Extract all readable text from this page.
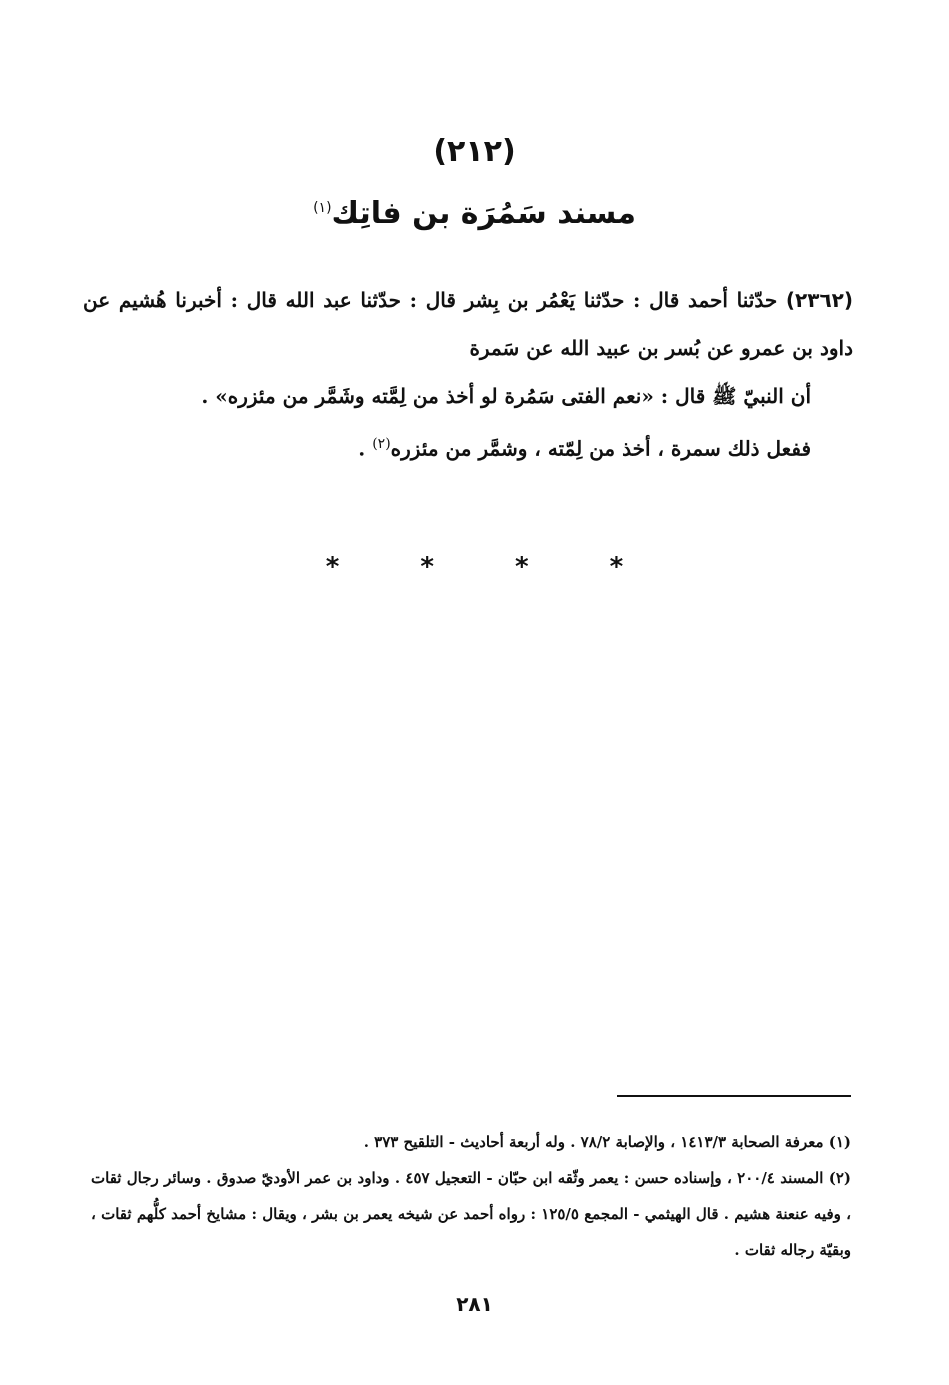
(٢١٢)
مسند سَمُرَة بن فاتِك$^{(١)}$

(٢٣٦٢) حدّثنا أحمد قال : حدّثنا يَعْمُر بن بِشر قال : حدّثنا عبد الله قال : أخبرنا هُشيم عن داود بن عمرو عن بُسر بن عبيد الله عن سَمرة

أن النبيّ ﷺ قال : «نعم الفتى سَمُرة لو أخذ من لِمَّته وشَمَّر من مئزره» .

ففعل ذلك سمرة ، أخذ من لِمّته ، وشمَّر من مئزره$^{(٢)}$ .

* * * *

(١) معرفة الصحابة ١٤١٣/٣ ، والإصابة ٧٨/٢ . وله أربعة أحاديث - التلقيح ٣٧٣ .

(٢) المسند ٢٠٠/٤ ، وإسناده حسن : يعمر وثّقه ابن حبّان - التعجيل ٤٥٧ . وداود بن عمر الأوديّ صدوق . وسائر رجال ثقات ، وفيه عنعنة هشيم . قال الهيثمي - المجمع ١٢٥/٥ : رواه أحمد عن شيخه يعمر بن بشر ، ويقال : مشايخ أحمد كلُّهم ثقات ، وبقيّة رجاله ثقات .

٢٨١
